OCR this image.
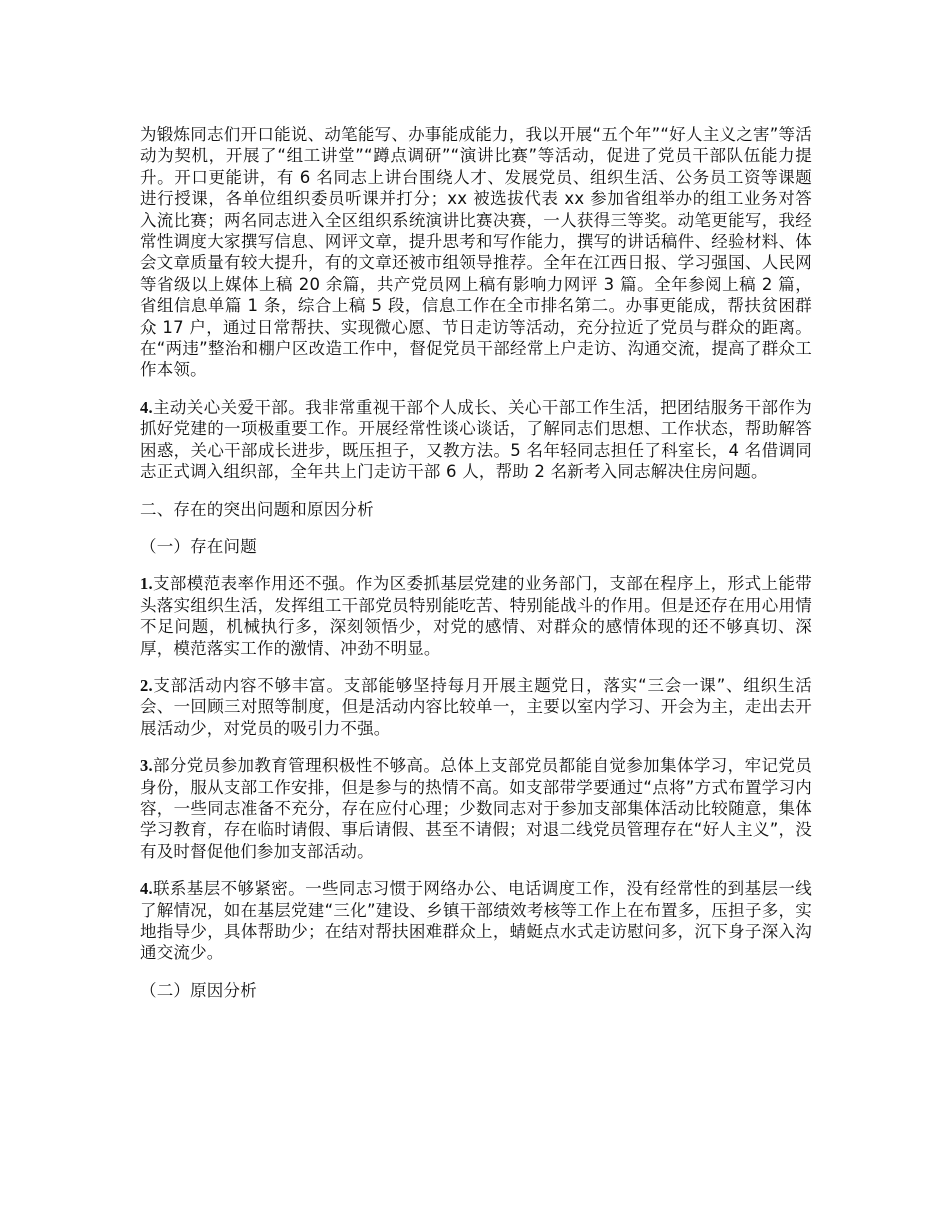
为锻炼同志们开口能说、动笔能写、办事能成能力，我以开展“五个年”“好人主义之害”等活动为契机，开展了“组工讲堂”“蹲点调研”“演讲比赛”等活动，促进了党员干部队伍能力提升。开口更能讲，有 6 名同志上讲台围绕人才、发展党员、组织生活、公务员工资等课题进行授课，各单位组织委员听课并打分；xx 被选拔代表 xx 参加省组举办的组工业务对答入流比赛；两名同志进入全区组织系统演讲比赛决赛，一人获得三等奖。动笔更能写，我经常性调度大家撰写信息、网评文章，提升思考和写作能力，撰写的讲话稿件、经验材料、体会文章质量有较大提升，有的文章还被市组领导推荐。全年在江西日报、学习强国、人民网等省级以上媒体上稿 20 余篇，共产党员网上稿有影响力网评 3 篇。全年参阅上稿 2 篇，省组信息单篇 1 条，综合上稿 5 段，信息工作在全市排名第二。办事更能成，帮扶贫困群众 17 户，通过日常帮扶、实现微心愿、节日走访等活动，充分拉近了党员与群众的距离。在“两违”整治和棚户区改造工作中，督促党员干部经常上户走访、沟通交流，提高了群众工作本领。

4.主动关心关爱干部。我非常重视干部个人成长、关心干部工作生活，把团结服务干部作为抓好党建的一项极重要工作。开展经常性谈心谈话，了解同志们思想、工作状态，帮助解答困惑，关心干部成长进步，既压担子，又教方法。5 名年轻同志担任了科室长，4 名借调同志正式调入组织部，全年共上门走访干部 6 人，帮助 2 名新考入同志解决住房问题。

二、存在的突出问题和原因分析

（一）存在问题

1.支部模范表率作用还不强。作为区委抓基层党建的业务部门，支部在程序上，形式上能带头落实组织生活，发挥组工干部党员特别能吃苦、特别能战斗的作用。但是还存在用心用情不足问题，机械执行多，深刻领悟少，对党的感情、对群众的感情体现的还不够真切、深厚，模范落实工作的激情、冲劲不明显。

2.支部活动内容不够丰富。支部能够坚持每月开展主题党日，落实“三会一课”、组织生活会、一回顾三对照等制度，但是活动内容比较单一，主要以室内学习、开会为主，走出去开展活动少，对党员的吸引力不强。

3.部分党员参加教育管理积极性不够高。总体上支部党员都能自觉参加集体学习，牢记党员身份，服从支部工作安排，但是参与的热情不高。如支部带学要通过“点将”方式布置学习内容，一些同志准备不充分，存在应付心理；少数同志对于参加支部集体活动比较随意，集体学习教育，存在临时请假、事后请假、甚至不请假；对退二线党员管理存在“好人主义”，没有及时督促他们参加支部活动。

4.联系基层不够紧密。一些同志习惯于网络办公、电话调度工作，没有经常性的到基层一线了解情况，如在基层党建“三化”建设、乡镇干部绩效考核等工作上在布置多，压担子多，实地指导少，具体帮助少；在结对帮扶困难群众上，蜻蜓点水式走访慰问多，沉下身子深入沟通交流少。

（二）原因分析
